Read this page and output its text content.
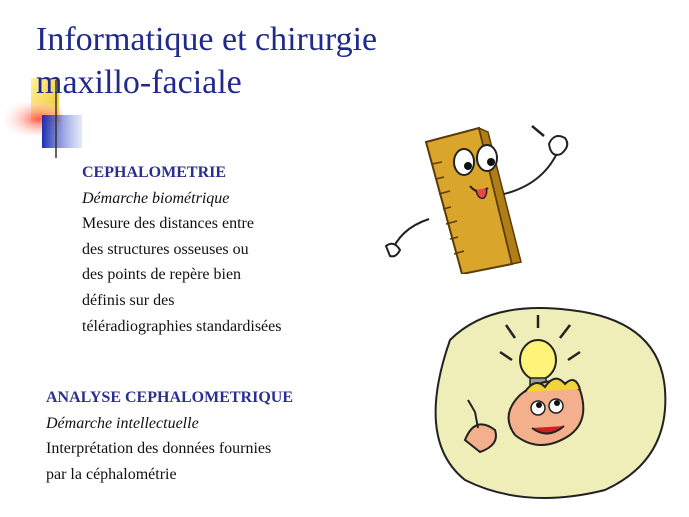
Informatique et chirurgie
maxillo-faciale
CEPHALOMETRIE
Démarche biométrique
Mesure des distances entre
des structures osseuses ou
des points de repère bien
définis sur des
téléradiographies standardisées
ANALYSE CEPHALOMETRIQUE
Démarche intellectuelle
Interprétation des données fournies
par la céphalométrie
